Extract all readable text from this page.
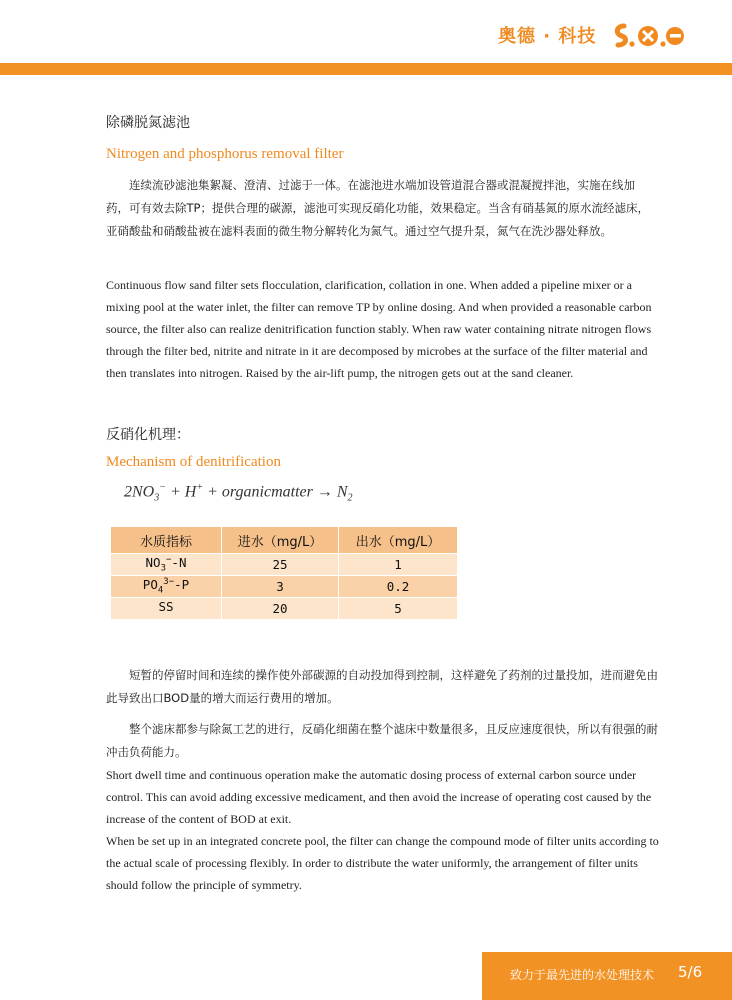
奥德 · 科技

除磷脱氮滤池

Nitrogen and phosphorus removal filter

连续流砂滤池集絮凝、澄清、过滤于一体。在滤池进水端加设管道混合器或混凝搅拌池，实施在线加药，可有效去除TP；提供合理的碳源，滤池可实现反硝化功能，效果稳定。当含有硝基氮的原水流经滤床，亚硝酸盐和硝酸盐被在滤料表面的微生物分解转化为氮气。通过空气提升泵，氮气在洗沙器处释放。

Continuous flow sand filter sets flocculation, clarification, collation in one. When added a pipeline mixer or a mixing pool at the water inlet, the filter can remove TP by online dosing. And when provided a reasonable carbon source, the filter also can realize denitrification function stably. When raw water containing nitrate nitrogen flows through the filter bed, nitrite and nitrate in it are decomposed by microbes at the surface of the filter material and then translates into nitrogen. Raised by the air-lift pump, the nitrogen gets out at the sand cleaner.

反硝化机理：

Mechanism of denitrification

$2NO_3^- + H^+$ + organicmatter → $N_2$
水质指标	进水（mg/L）	出水（mg/L）
$NO_3^--N$	25	1
$PO_4^{3-}-P$	3	0.2
SS	20	5

短暂的停留时间和连续的操作使外部碳源的自动投加得到控制，这样避免了药剂的过量投加，进而避免由此导致出口BOD量的增大而运行费用的增加。

整个滤床都参与除氮工艺的进行，反硝化细菌在整个滤床中数量很多，且反应速度很快，所以有很强的耐冲击负荷能力。

Short dwell time and continuous operation make the automatic dosing process of external carbon source under control. This can avoid adding excessive medicament, and then avoid the increase of operating cost caused by the increase of the content of BOD at exit.

When be set up in an integrated concrete pool, the filter can change the compound mode of filter units according to the actual scale of processing flexibly. In order to distribute the water uniformly, the arrangement of filter units should follow the principle of symmetry.

致力于最先进的水处理技术 5/6
